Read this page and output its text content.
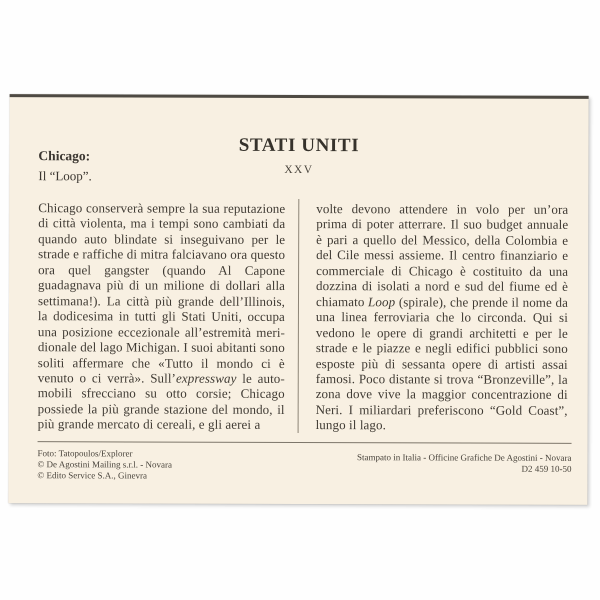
Chicago:
Il “Loop”.
STATI UNITI
XXV
Chicago conserverà sempre la sua reputazione di città violenta, ma i tempi sono cambiati da quando auto blindate si inseguivano per le strade e raffiche di mitra falciavano ora questo ora quel gangster (quando Al Capone guadagnava più di un milione di dollari alla settimana!). La città più grande dell’Illinois, la dodicesima in tutti gli Stati Uniti, occupa una posizione eccezionale all’estremità meridionale del lago Michigan. I suoi abitanti sono soliti affermare che «Tutto il mondo ci è venuto o ci verrà». Sull’expressway le automobili sfrecciano su otto corsie; Chicago possiede la più grande stazione del mondo, il più grande mercato di cereali, e gli aerei a
volte devono attendere in volo per un’ora prima di poter atterrare. Il suo budget annuale è pari a quello del Messico, della Colombia e del Cile messi assieme. Il centro finanziario e commerciale di Chicago è costituito da una dozzina di isolati a nord e sud del fiume ed è chiamato Loop (spirale), che prende il nome da una linea ferroviaria che lo circonda. Qui si vedono le opere di grandi architetti e per le strade e le piazze e negli edifici pubblici sono esposte più di sessanta opere di artisti assai famosi. Poco distante si trova “Bronzeville”, la zona dove vive la maggior concentrazione di Neri. I miliardari preferiscono “Gold Coast”, lungo il lago.
Foto: Tatopoulos/Explorer
© De Agostini Mailing s.r.l. - Novara
© Edito Service S.A., Ginevra
Stampato in Italia - Officine Grafiche De Agostini - Novara
D2 459 10-50
